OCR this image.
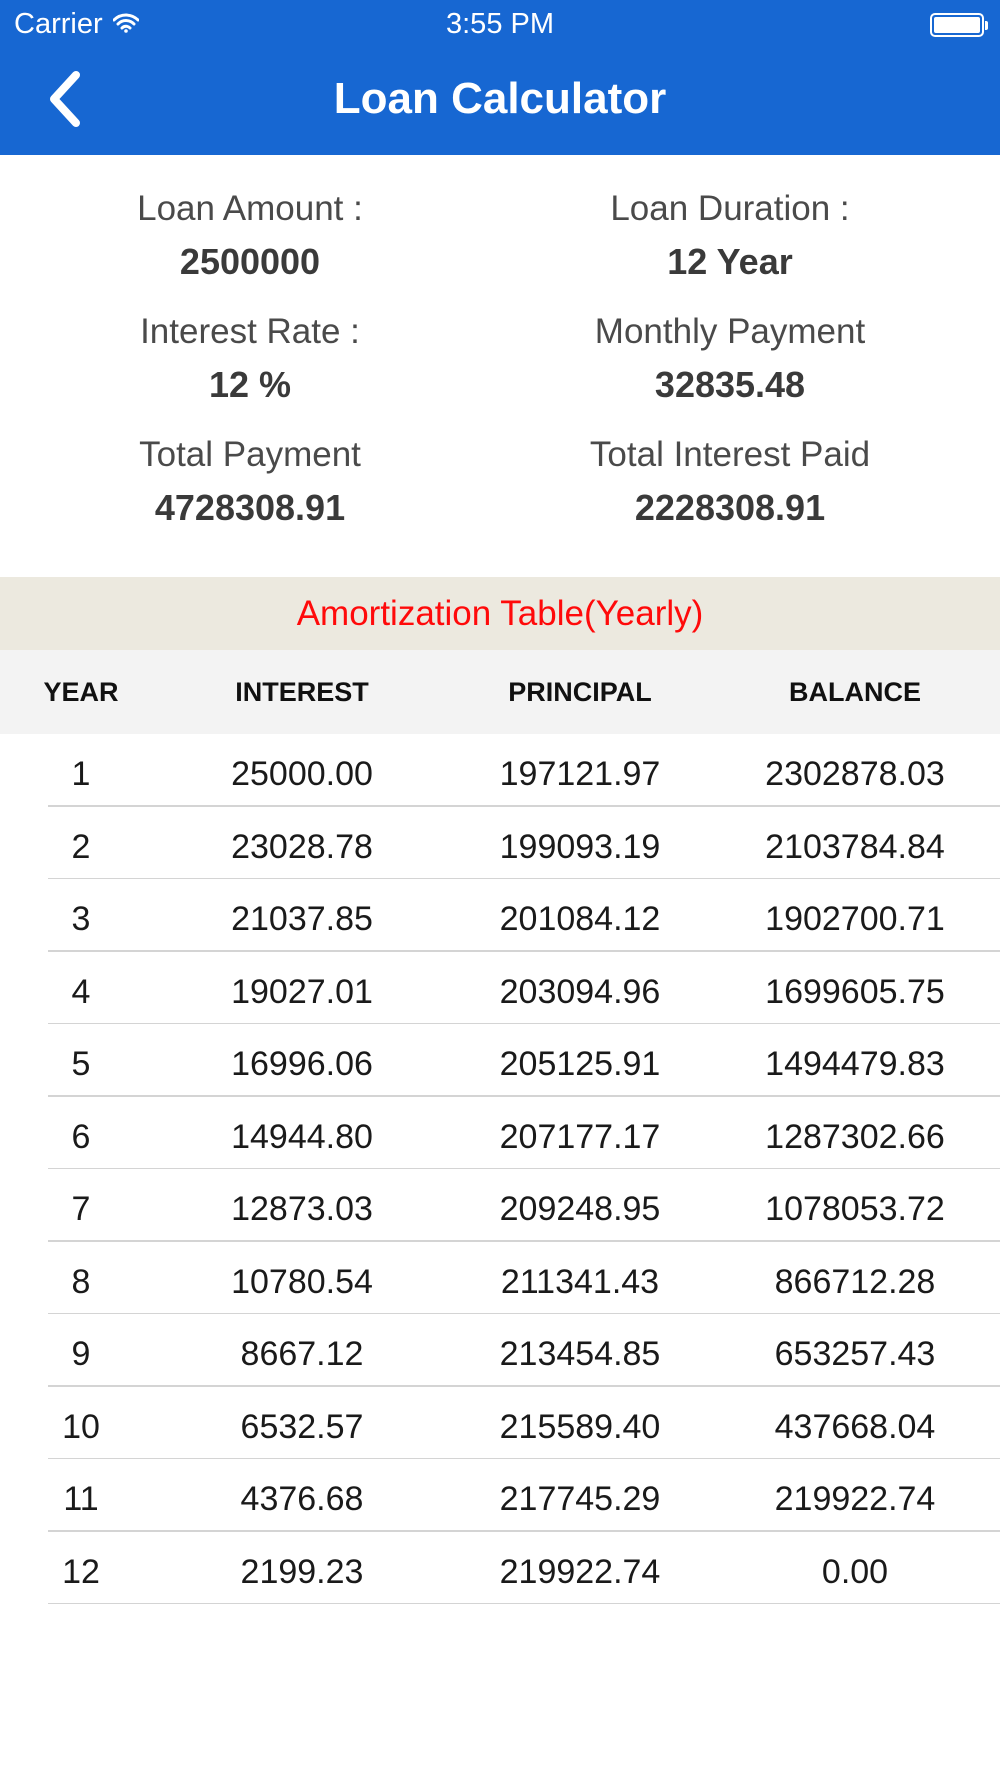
Carrier	3:55 PM
Loan Calculator
Loan Amount :
2500000
Loan Duration :
12 Year
Interest Rate :
12 %
Monthly Payment
32835.48
Total Payment
4728308.91
Total Interest Paid
2228308.91
Amortization Table(Yearly)
YEAR	INTEREST	PRINCIPAL	BALANCE
1	25000.00	197121.97	2302878.03
2	23028.78	199093.19	2103784.84
3	21037.85	201084.12	1902700.71
4	19027.01	203094.96	1699605.75
5	16996.06	205125.91	1494479.83
6	14944.80	207177.17	1287302.66
7	12873.03	209248.95	1078053.72
8	10780.54	211341.43	866712.28
9	8667.12	213454.85	653257.43
10	6532.57	215589.40	437668.04
11	4376.68	217745.29	219922.74
12	2199.23	219922.74	0.00
